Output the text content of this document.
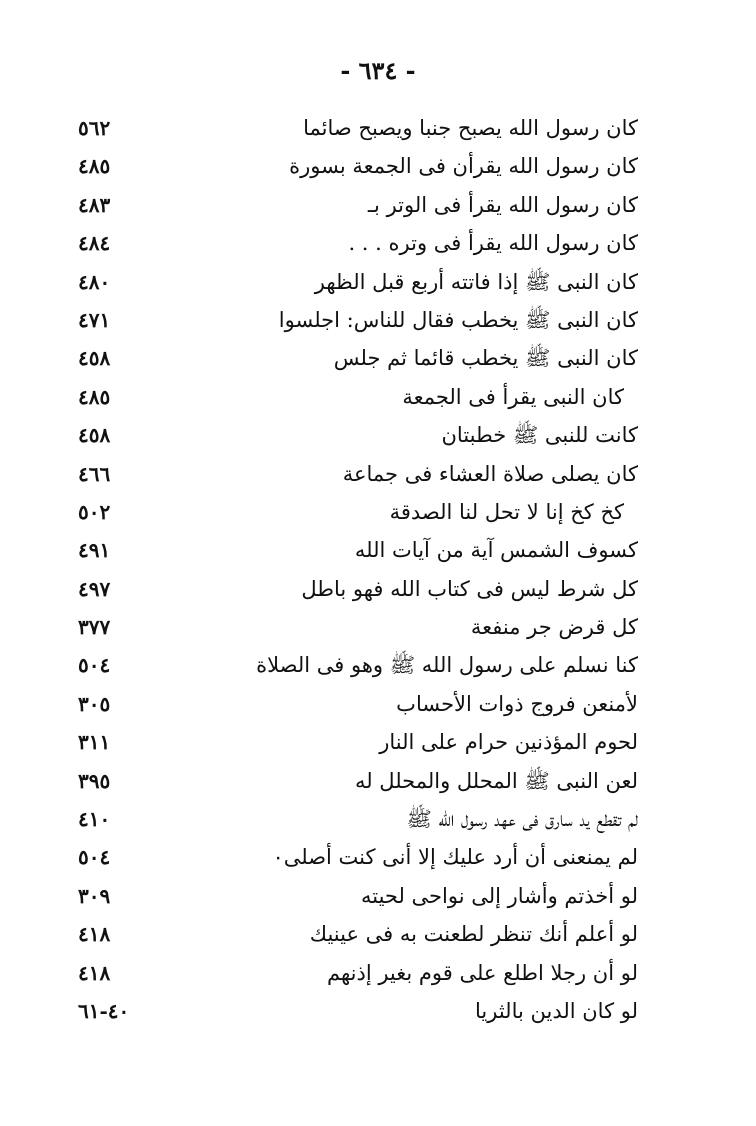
- ٦٣٤ -
كان رسول الله يصبح جنبا ويصبح صائما
٥٦٢
كان رسول الله يقرأن فى الجمعة بسورة
٤٨٥
كان رسول الله يقرأ فى الوتر بـ
٤٨٣
كان رسول الله يقرأ فى وتره . . .
٤٨٤
كان النبى ﷺ إذا فاتته أربع قبل الظهر
٤٨٠
كان النبى ﷺ يخطب فقال للناس: اجلسوا
٤٧١
كان النبى ﷺ يخطب قائما ثم جلس
٤٥٨
كان النبى يقرأ فى الجمعة
٤٨٥
كانت للنبى ﷺ خطبتان
٤٥٨
كان يصلى صلاة العشاء فى جماعة
٤٦٦
كخ كخ إنا لا تحل لنا الصدقة
٥٠٢
كسوف الشمس آية من آيات الله
٤٩١
كل شرط ليس فى كتاب الله فهو باطل
٤٩٧
كل قرض جر منفعة
٣٧٧
كنا نسلم على رسول الله ﷺ وهو فى الصلاة
٥٠٤
لأمنعن فروج ذوات الأحساب
٣٠٥
لحوم المؤذنين حرام على النار
٣١١
لعن النبى ﷺ المحلل والمحلل له
٣٩٥
لم تقطع يد سارق فى عهد رسول الله ﷺ
٤١٠
لم يمنعنى أن أرد عليك إلا أنى كنت أصلى٠
٥٠٤
لو أخذتم وأشار إلى نواحى لحيته
٣٠٩
لو أعلم أنك تنظر لطعنت به فى عينيك
٤١٨
لو أن رجلا اطلع على قوم بغير إذنهم
٤١٨
لو كان الدين بالثريا
٤٠-٦١
